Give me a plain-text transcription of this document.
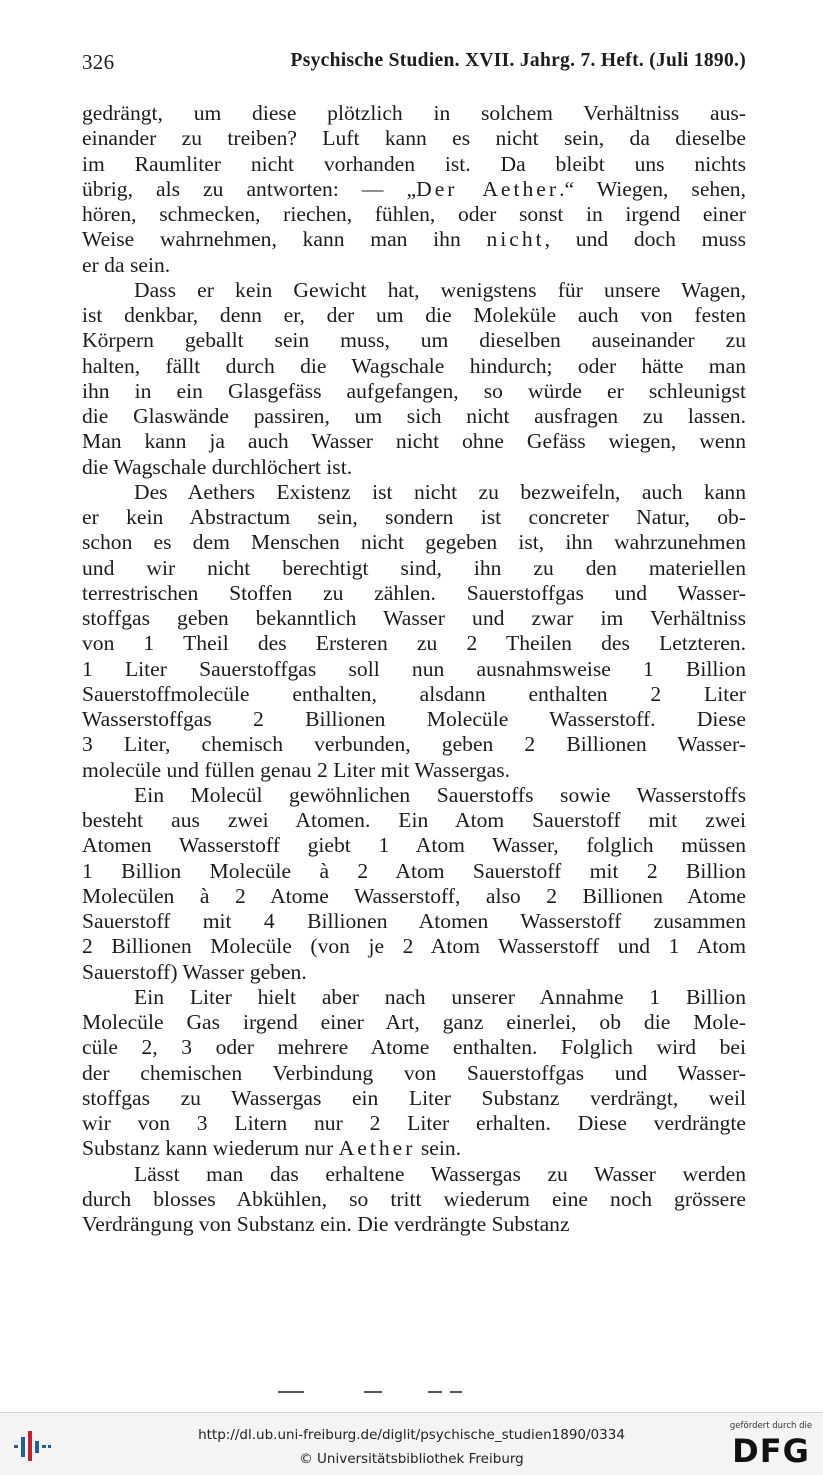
326	Psychische Studien. XVII. Jahrg. 7. Heft. (Juli 1890.)

gedrängt, um diese plötzlich in solchem Verhältniss aus-
einander zu treiben? Luft kann es nicht sein, da dieselbe
im Raumliter nicht vorhanden ist. Da bleibt uns nichts
übrig, als zu antworten: — „Der Aether.“ Wiegen, sehen,
hören, schmecken, riechen, fühlen, oder sonst in irgend einer
Weise wahrnehmen, kann man ihn nicht, und doch muss
er da sein.

Dass er kein Gewicht hat, wenigstens für unsere Wagen,
ist denkbar, denn er, der um die Moleküle auch von festen
Körpern geballt sein muss, um dieselben auseinander zu
halten, fällt durch die Wagschale hindurch; oder hätte man
ihn in ein Glasgefäss aufgefangen, so würde er schleunigst
die Glaswände passiren, um sich nicht ausfragen zu lassen.
Man kann ja auch Wasser nicht ohne Gefäss wiegen, wenn
die Wagschale durchlöchert ist.

Des Aethers Existenz ist nicht zu bezweifeln, auch kann
er kein Abstractum sein, sondern ist concreter Natur, ob-
schon es dem Menschen nicht gegeben ist, ihn wahrzunehmen
und wir nicht berechtigt sind, ihn zu den materiellen
terrestrischen Stoffen zu zählen. Sauerstoffgas und Wasser-
stoffgas geben bekanntlich Wasser und zwar im Verhältniss
von 1 Theil des Ersteren zu 2 Theilen des Letzteren.
1 Liter Sauerstoffgas soll nun ausnahmsweise 1 Billion
Sauerstoffmolecüle enthalten, alsdann enthalten 2 Liter
Wasserstoffgas 2 Billionen Molecüle Wasserstoff. Diese
3 Liter, chemisch verbunden, geben 2 Billionen Wasser-
molecüle und füllen genau 2 Liter mit Wassergas.

Ein Molecül gewöhnlichen Sauerstoffs sowie Wasserstoffs
besteht aus zwei Atomen. Ein Atom Sauerstoff mit zwei
Atomen Wasserstoff giebt 1 Atom Wasser, folglich müssen
1 Billion Molecüle à 2 Atom Sauerstoff mit 2 Billion
Molecülen à 2 Atome Wasserstoff, also 2 Billionen Atome
Sauerstoff mit 4 Billionen Atomen Wasserstoff zusammen
2 Billionen Molecüle (von je 2 Atom Wasserstoff und 1 Atom
Sauerstoff) Wasser geben.

Ein Liter hielt aber nach unserer Annahme 1 Billion
Molecüle Gas irgend einer Art, ganz einerlei, ob die Mole-
cüle 2, 3 oder mehrere Atome enthalten. Folglich wird bei
der chemischen Verbindung von Sauerstoffgas und Wasser-
stoffgas zu Wassergas ein Liter Substanz verdrängt, weil
wir von 3 Litern nur 2 Liter erhalten. Diese verdrängte
Substanz kann wiederum nur Aether sein.

Lässt man das erhaltene Wassergas zu Wasser werden
durch blosses Abkühlen, so tritt wiederum eine noch grössere
Verdrängung von Substanz ein. Die verdrängte Substanz

http://dl.ub.uni-freiburg.de/diglit/psychische_studien1890/0334
© Universitätsbibliothek Freiburg
gefördert durch die
DFG
